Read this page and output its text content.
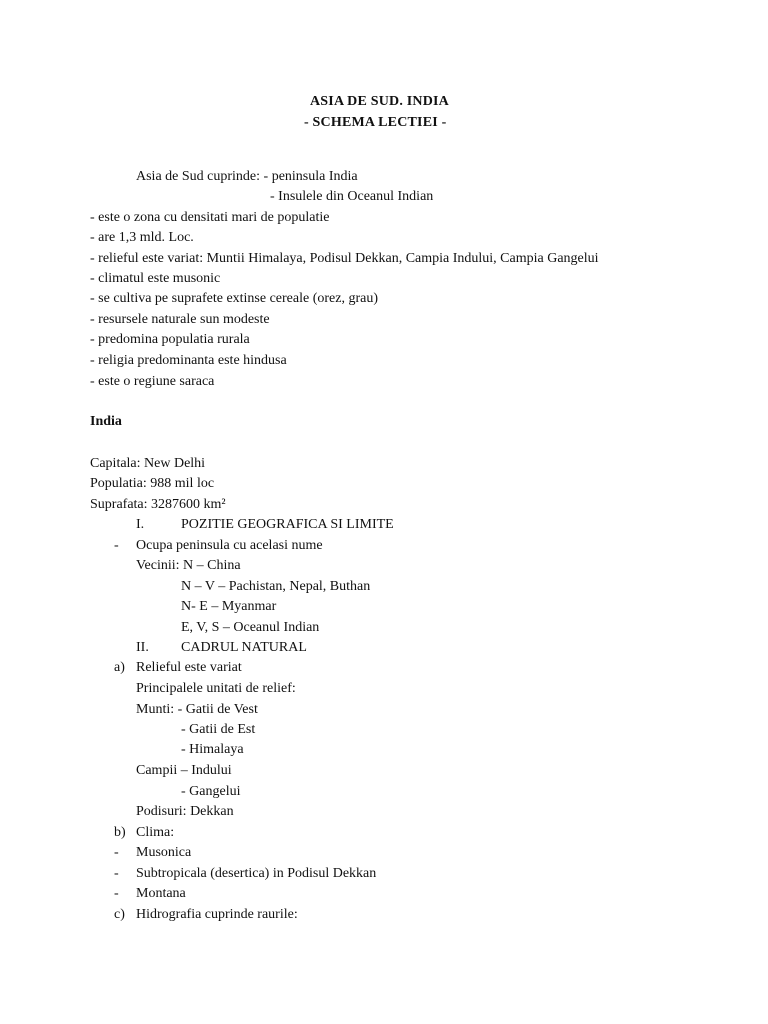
ASIA DE SUD. INDIA
- SCHEMA LECTIEI -
Asia de Sud cuprinde: - peninsula India
- Insulele din Oceanul Indian
- este o zona cu densitati mari de populatie
- are 1,3 mld. Loc.
- relieful este variat: Muntii Himalaya, Podisul Dekkan, Campia Indului, Campia Gangelui
- climatul este musonic
- se cultiva pe suprafete extinse cereale (orez, grau)
- resursele naturale sun modeste
- predomina populatia rurala
- religia predominanta este hindusa
- este o regiune saraca
India
Capitala: New Delhi
Populatia: 988 mil loc
Suprafata: 3287600 km²
I.	POZITIE GEOGRAFICA SI LIMITE
- Ocupa peninsula cu acelasi nume
Vecinii: N – China
N – V – Pachistan, Nepal, Buthan
N- E – Myanmar
E, V, S – Oceanul Indian
II. CADRUL NATURAL
a) Relieful este variat
Principalele unitati de relief:
Munti: - Gatii de Vest
- Gatii de Est
- Himalaya
Campii – Indului
- Gangelui
Podisuri: Dekkan
b) Clima:
- Musonica
- Subtropicala (desertica) in Podisul Dekkan
- Montana
c) Hidrografia cuprinde raurile:
